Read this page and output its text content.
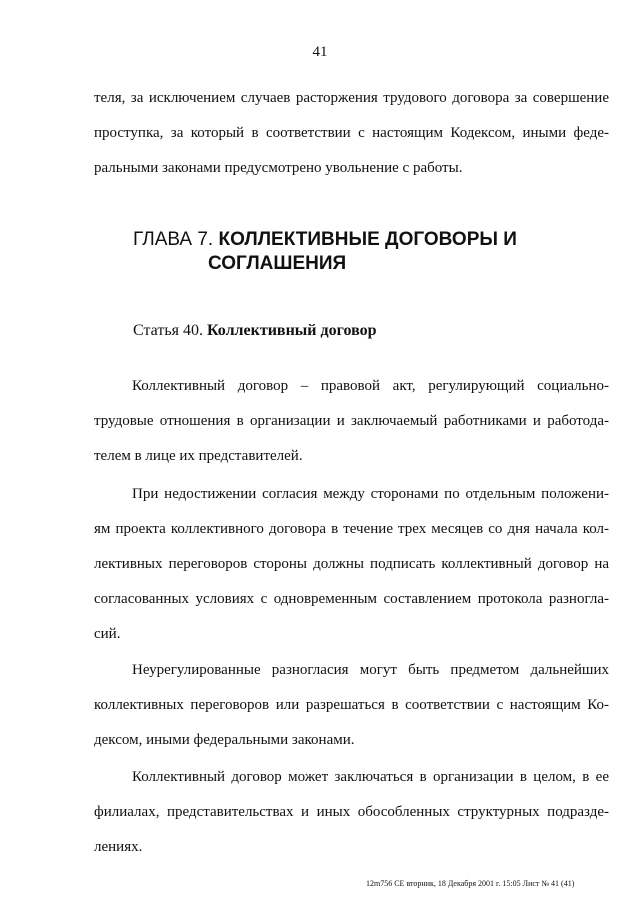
41

теля, за исключением случаев расторжения трудового договора за совершение
проступка, за который в соответствии с настоящим Кодексом, иными феде-
ральными законами предусмотрено увольнение с работы.

ГЛАВА 7. КОЛЛЕКТИВНЫЕ ДОГОВОРЫ И
СОГЛАШЕНИЯ
Статья 40. Коллективный договор

Коллективный договор – правовой акт, регулирующий социально-
трудовые отношения в организации и заключаемый работниками и работода-
телем в лице их представителей.

При недостижении согласия между сторонами по отдельным положени-
ям проекта коллективного договора в течение трех месяцев со дня начала кол-
лективных переговоров стороны должны подписать коллективный договор на
согласованных условиях с одновременным составлением протокола разногла-
сий.

Неурегулированные разногласия могут быть предметом дальнейших
коллективных переговоров или разрешаться в соответствии с настоящим Ко-
дексом, иными федеральными законами.

Коллективный договор может заключаться в организации в целом, в ее
филиалах, представительствах и иных обособленных структурных подразде-
лениях.

12m756 CE вторник, 18 Декабря 2001 г. 15:05 Лист № 41 (41)
